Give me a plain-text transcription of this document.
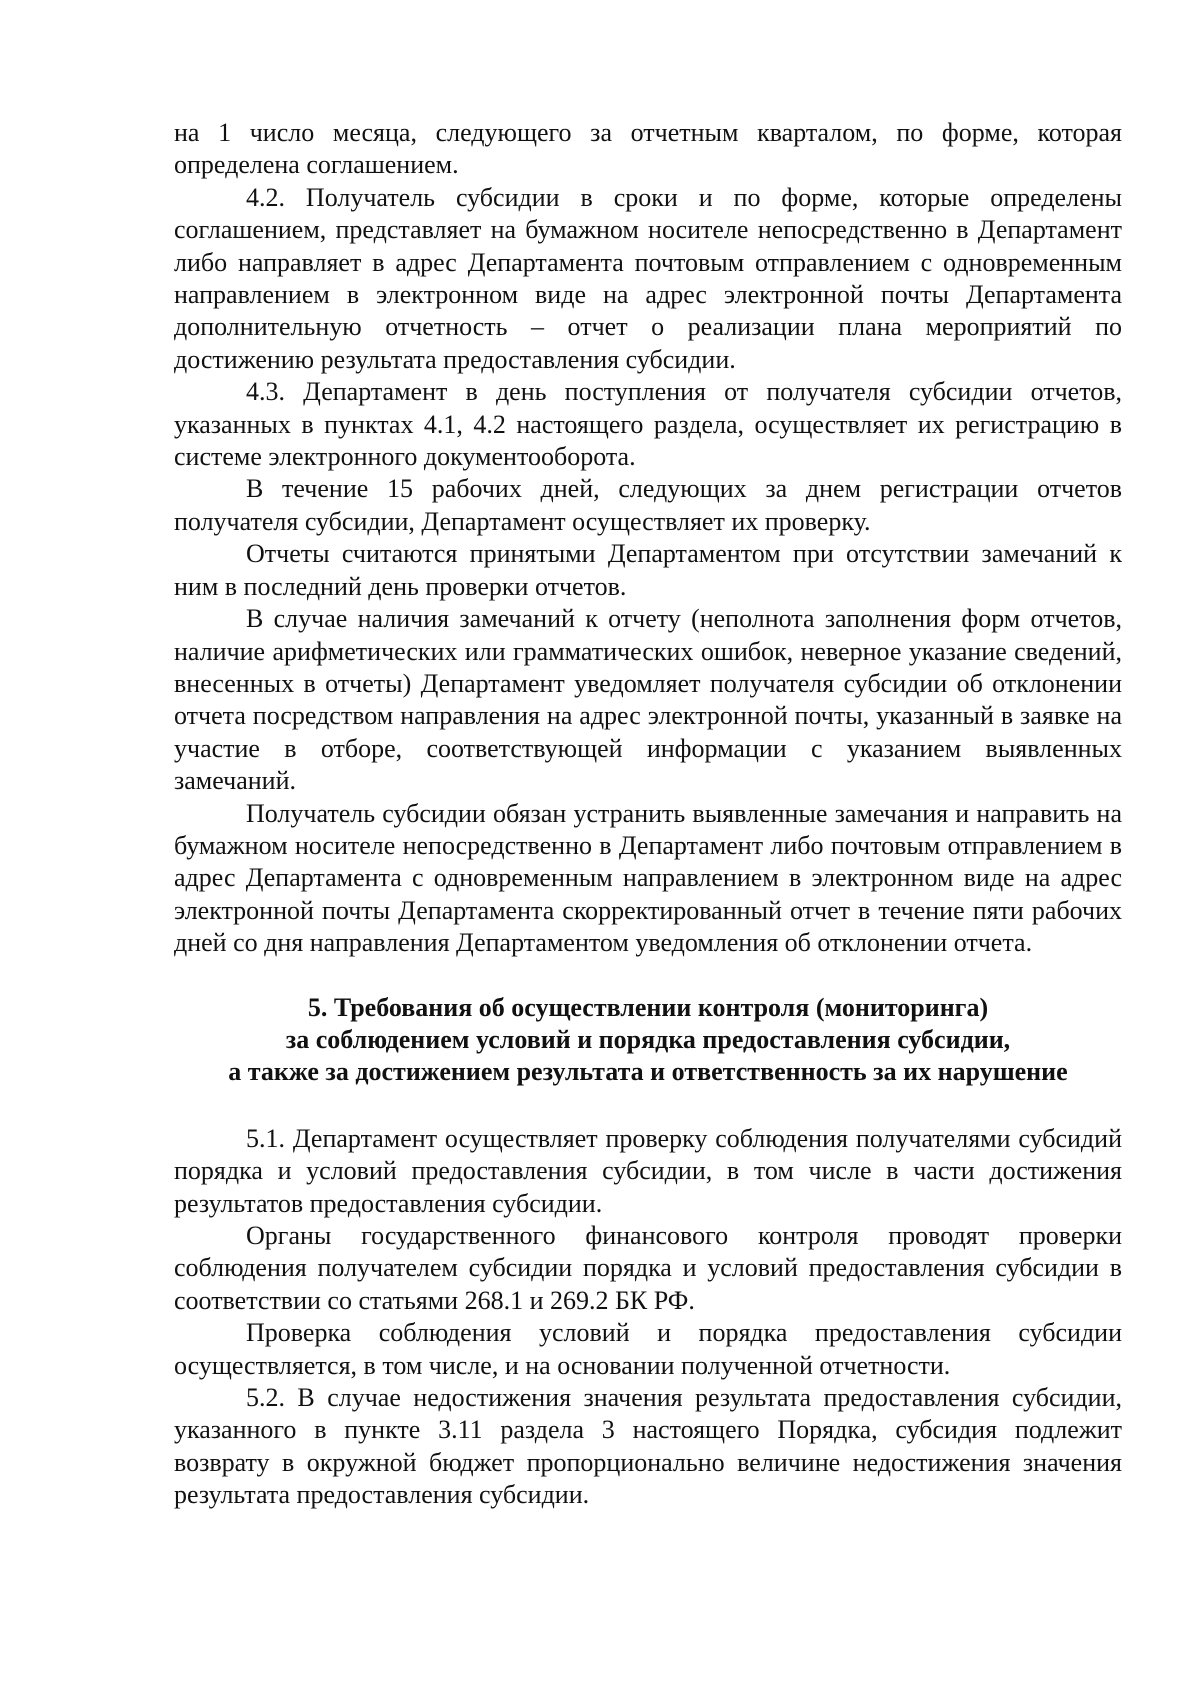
на 1 число месяца, следующего за отчетным кварталом, по форме, которая определена соглашением.

4.2. Получатель субсидии в сроки и по форме, которые определены соглашением, представляет на бумажном носителе непосредственно в Департамент либо направляет в адрес Департамента почтовым отправлением с одновременным направлением в электронном виде на адрес электронной почты Департамента дополнительную отчетность – отчет о реализации плана мероприятий по достижению результата предоставления субсидии.

4.3. Департамент в день поступления от получателя субсидии отчетов, указанных в пунктах 4.1, 4.2 настоящего раздела, осуществляет их регистрацию в системе электронного документооборота.

В течение 15 рабочих дней, следующих за днем регистрации отчетов получателя субсидии, Департамент осуществляет их проверку.

Отчеты считаются принятыми Департаментом при отсутствии замечаний к ним в последний день проверки отчетов.

В случае наличия замечаний к отчету (неполнота заполнения форм отчетов, наличие арифметических или грамматических ошибок, неверное указание сведений, внесенных в отчеты) Департамент уведомляет получателя субсидии об отклонении отчета посредством направления на адрес электронной почты, указанный в заявке на участие в отборе, соответствующей информации с указанием выявленных замечаний.

Получатель субсидии обязан устранить выявленные замечания и направить на бумажном носителе непосредственно в Департамент либо почтовым отправлением в адрес Департамента с одновременным направлением в электронном виде на адрес электронной почты Департамента скорректированный отчет в течение пяти рабочих дней со дня направления Департаментом уведомления об отклонении отчета.

5. Требования об осуществлении контроля (мониторинга)
за соблюдением условий и порядка предоставления субсидии,
а также за достижением результата и ответственность за их нарушение

5.1. Департамент осуществляет проверку соблюдения получателями субсидий порядка и условий предоставления субсидии, в том числе в части достижения результатов предоставления субсидии.

Органы государственного финансового контроля проводят проверки соблюдения получателем субсидии порядка и условий предоставления субсидии в соответствии со статьями 268.1 и 269.2 БК РФ.

Проверка соблюдения условий и порядка предоставления субсидии осуществляется, в том числе, и на основании полученной отчетности.

5.2. В случае недостижения значения результата предоставления субсидии, указанного в пункте 3.11 раздела 3 настоящего Порядка, субсидия подлежит возврату в окружной бюджет пропорционально величине недостижения значения результата предоставления субсидии.
